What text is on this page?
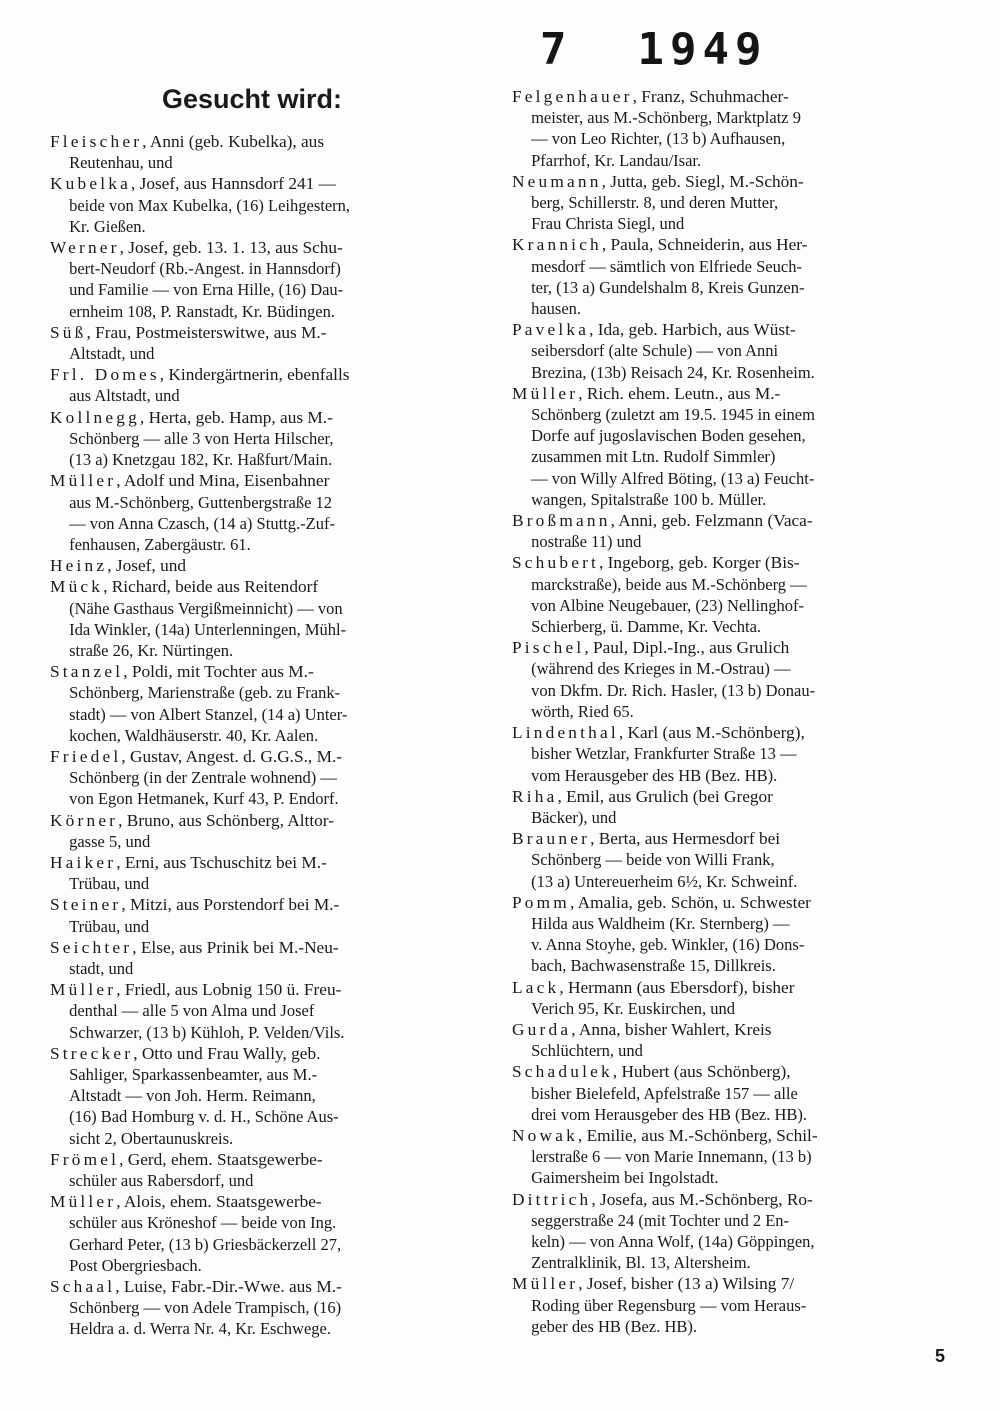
7  1949
Gesucht wird:

Fleischer, Anni (geb. Kubelka), aus
Reutenhau, und

Kubelka, Josef, aus Hannsdorf 241 —
beide von Max Kubelka, (16) Leihgestern,
Kr. Gießen.

Werner, Josef, geb. 13. 1. 13, aus Schu-
bert-Neudorf (Rb.-Angest. in Hannsdorf)
und Familie — von Erna Hille, (16) Dau-
ernheim 108, P. Ranstadt, Kr. Büdingen.

Süß, Frau, Postmeisterswitwe, aus M.-
Altstadt, und

Frl. Domes, Kindergärtnerin, ebenfalls
aus Altstadt, und

Kollnegg, Herta, geb. Hamp, aus M.-
Schönberg — alle 3 von Herta Hilscher,
(13 a) Knetzgau 182, Kr. Haßfurt/Main.

Müller, Adolf und Mina, Eisenbahner
aus M.-Schönberg, Guttenbergstraße 12
— von Anna Czasch, (14 a) Stuttg.-Zuf-
fenhausen, Zabergäustr. 61.

Heinz, Josef, und

Mück, Richard, beide aus Reitendorf
(Nähe Gasthaus Vergißmeinnicht) — von
Ida Winkler, (14a) Unterlenningen, Mühl-
straße 26, Kr. Nürtingen.

Stanzel, Poldi, mit Tochter aus M.-
Schönberg, Marienstraße (geb. zu Frank-
stadt) — von Albert Stanzel, (14 a) Unter-
kochen, Waldhäuserstr. 40, Kr. Aalen.

Friedel, Gustav, Angest. d. G.G.S., M.-
Schönberg (in der Zentrale wohnend) —
von Egon Hetmanek, Kurf 43, P. Endorf.

Körner, Bruno, aus Schönberg, Alttor-
gasse 5, und

Haiker, Erni, aus Tschuschitz bei M.-
Trübau, und

Steiner, Mitzi, aus Porstendorf bei M.-
Trübau, und

Seichter, Else, aus Prinik bei M.-Neu-
stadt, und

Müller, Friedl, aus Lobnig 150 ü. Freu-
denthal — alle 5 von Alma und Josef
Schwarzer, (13 b) Kühloh, P. Velden/Vils.

Strecker, Otto und Frau Wally, geb.
Sahliger, Sparkassenbeamter, aus M.-
Altstadt — von Joh. Herm. Reimann,
(16) Bad Homburg v. d. H., Schöne Aus-
sicht 2, Obertaunuskreis.

Frömel, Gerd, ehem. Staatsgewerbe-
schüler aus Rabersdorf, und

Müller, Alois, ehem. Staatsgewerbe-
schüler aus Kröneshof — beide von Ing.
Gerhard Peter, (13 b) Griesbäckerzell 27,
Post Obergriesbach.

Schaal, Luise, Fabr.-Dir.-Wwe. aus M.-
Schönberg — von Adele Trampisch, (16)
Heldra a. d. Werra Nr. 4, Kr. Eschwege.

Felgenhauer, Franz, Schuhmacher-
meister, aus M.-Schönberg, Marktplatz 9
— von Leo Richter, (13 b) Aufhausen,
Pfarrhof, Kr. Landau/Isar.

Neumann, Jutta, geb. Siegl, M.-Schön-
berg, Schillerstr. 8, und deren Mutter,
Frau Christa Siegl, und

Krannich, Paula, Schneiderin, aus Her-
mesdorf — sämtlich von Elfriede Seuch-
ter, (13 a) Gundelshalm 8, Kreis Gunzen-
hausen.

Pavelka, Ida, geb. Harbich, aus Wüst-
seibersdorf (alte Schule) — von Anni
Brezina, (13b) Reisach 24, Kr. Rosenheim.

Müller, Rich. ehem. Leutn., aus M.-
Schönberg (zuletzt am 19.5. 1945 in einem
Dorfe auf jugoslavischen Boden gesehen,
zusammen mit Ltn. Rudolf Simmler)
— von Willy Alfred Böting, (13 a) Feucht-
wangen, Spitalstraße 100 b. Müller.

Broßmann, Anni, geb. Felzmann (Vaca-
nostraße 11) und

Schubert, Ingeborg, geb. Korger (Bis-
marckstraße), beide aus M.-Schönberg —
von Albine Neugebauer, (23) Nellinghof-
Schierberg, ü. Damme, Kr. Vechta.

Pischel, Paul, Dipl.-Ing., aus Grulich
(während des Krieges in M.-Ostrau) —
von Dkfm. Dr. Rich. Hasler, (13 b) Donau-
wörth, Ried 65.

Lindenthal, Karl (aus M.-Schönberg),
bisher Wetzlar, Frankfurter Straße 13 —
vom Herausgeber des HB (Bez. HB).

Riha, Emil, aus Grulich (bei Gregor
Bäcker), und

Brauner, Berta, aus Hermesdorf bei
Schönberg — beide von Willi Frank,
(13 a) Untereuerheim 6½, Kr. Schweinf.

Pomm, Amalia, geb. Schön, u. Schwester
Hilda aus Waldheim (Kr. Sternberg) —
v. Anna Stoyhe, geb. Winkler, (16) Dons-
bach, Bachwasenstraße 15, Dillkreis.

Lack, Hermann (aus Ebersdorf), bisher
Verich 95, Kr. Euskirchen, und

Gurda, Anna, bisher Wahlert, Kreis
Schlüchtern, und

Schadulek, Hubert (aus Schönberg),
bisher Bielefeld, Apfelstraße 157 — alle
drei vom Herausgeber des HB (Bez. HB).

Nowak, Emilie, aus M.-Schönberg, Schil-
lerstraße 6 — von Marie Innemann, (13 b)
Gaimersheim bei Ingolstadt.

Dittrich, Josefa, aus M.-Schönberg, Ro-
seggerstraße 24 (mit Tochter und 2 En-
keln) — von Anna Wolf, (14a) Göppingen,
Zentralklinik, Bl. 13, Altersheim.

Müller, Josef, bisher (13 a) Wilsing 7/
Roding über Regensburg — vom Heraus-
geber des HB (Bez. HB).

5
